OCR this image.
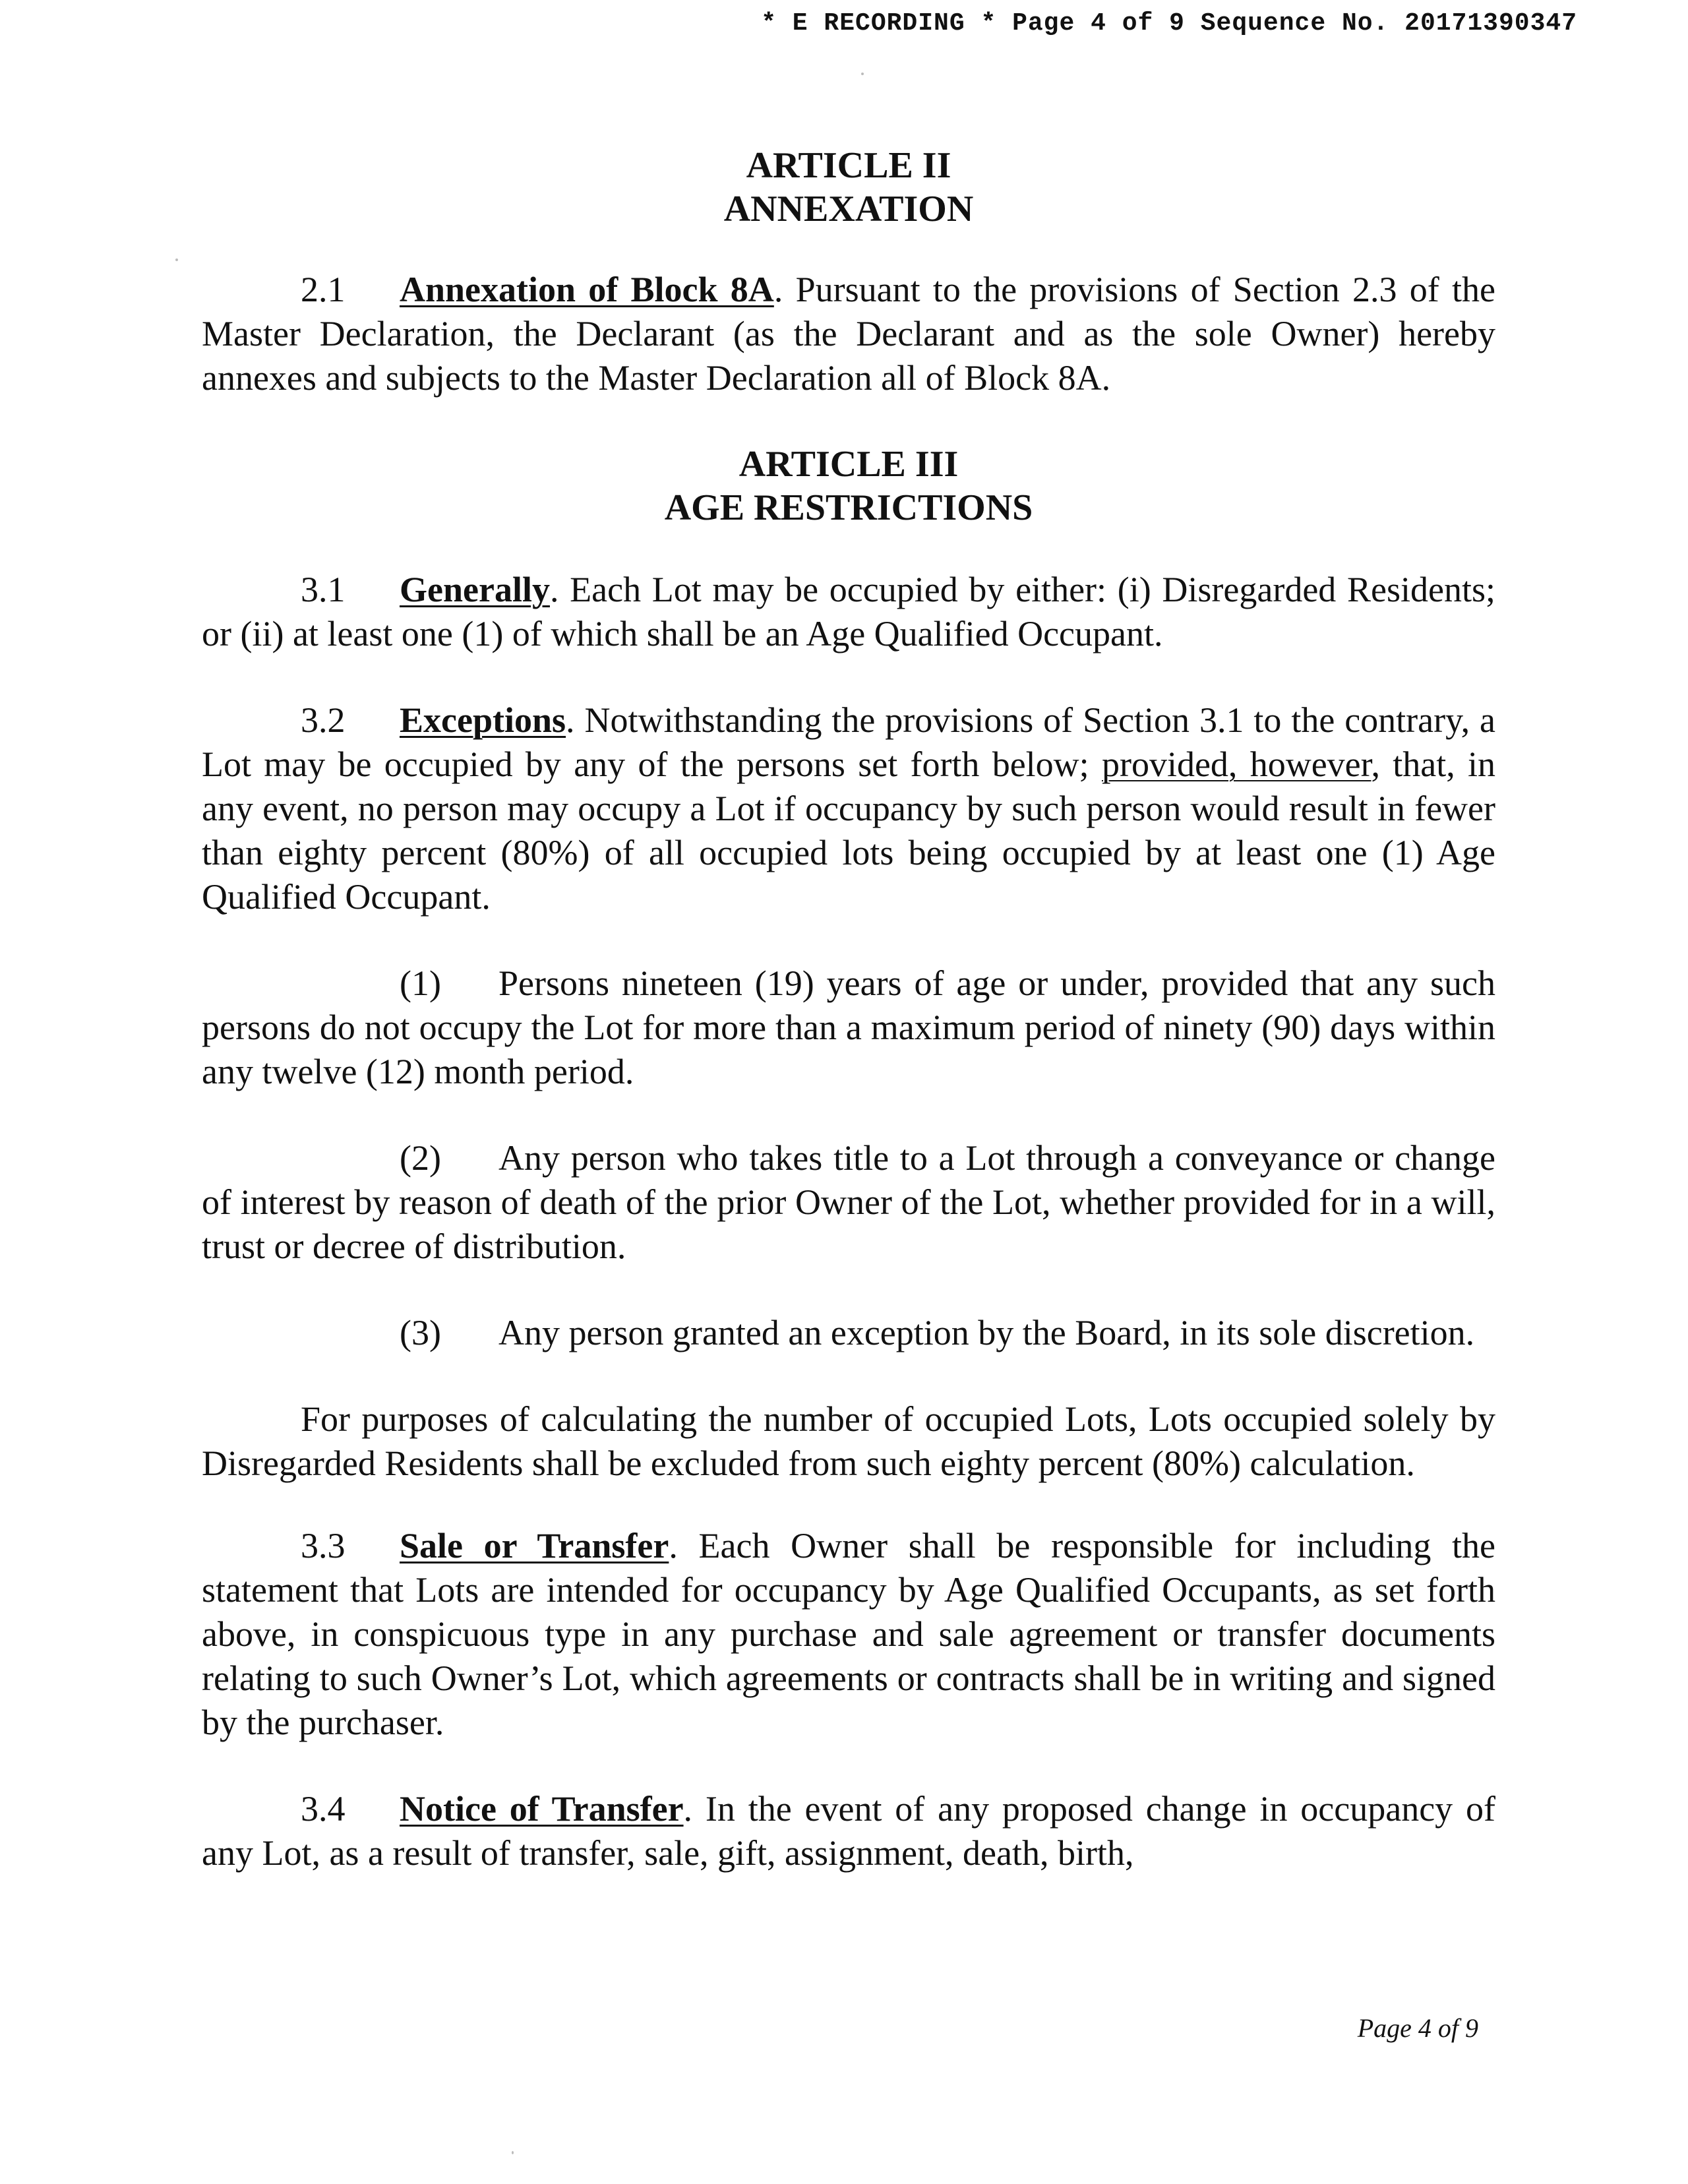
* E RECORDING * Page 4 of 9 Sequence No. 20171390347
ARTICLE II
ANNEXATION

2.1 Annexation of Block 8A. Pursuant to the provisions of Section 2.3 of the Master Declaration, the Declarant (as the Declarant and as the sole Owner) hereby annexes and subjects to the Master Declaration all of Block 8A.

ARTICLE III
AGE RESTRICTIONS

3.1 Generally. Each Lot may be occupied by either: (i) Disregarded Residents; or (ii) at least one (1) of which shall be an Age Qualified Occupant.

3.2 Exceptions. Notwithstanding the provisions of Section 3.1 to the contrary, a Lot may be occupied by any of the persons set forth below; provided, however, that, in any event, no person may occupy a Lot if occupancy by such person would result in fewer than eighty percent (80%) of all occupied lots being occupied by at least one (1) Age Qualified Occupant.

(1) Persons nineteen (19) years of age or under, provided that any such persons do not occupy the Lot for more than a maximum period of ninety (90) days within any twelve (12) month period.

(2) Any person who takes title to a Lot through a conveyance or change of interest by reason of death of the prior Owner of the Lot, whether provided for in a will, trust or decree of distribution.

(3) Any person granted an exception by the Board, in its sole discretion.

For purposes of calculating the number of occupied Lots, Lots occupied solely by Disregarded Residents shall be excluded from such eighty percent (80%) calculation.

3.3 Sale or Transfer. Each Owner shall be responsible for including the statement that Lots are intended for occupancy by Age Qualified Occupants, as set forth above, in conspicuous type in any purchase and sale agreement or transfer documents relating to such Owner’s Lot, which agreements or contracts shall be in writing and signed by the purchaser.

3.4 Notice of Transfer. In the event of any proposed change in occupancy of any Lot, as a result of transfer, sale, gift, assignment, death, birth,

Page 4 of 9
